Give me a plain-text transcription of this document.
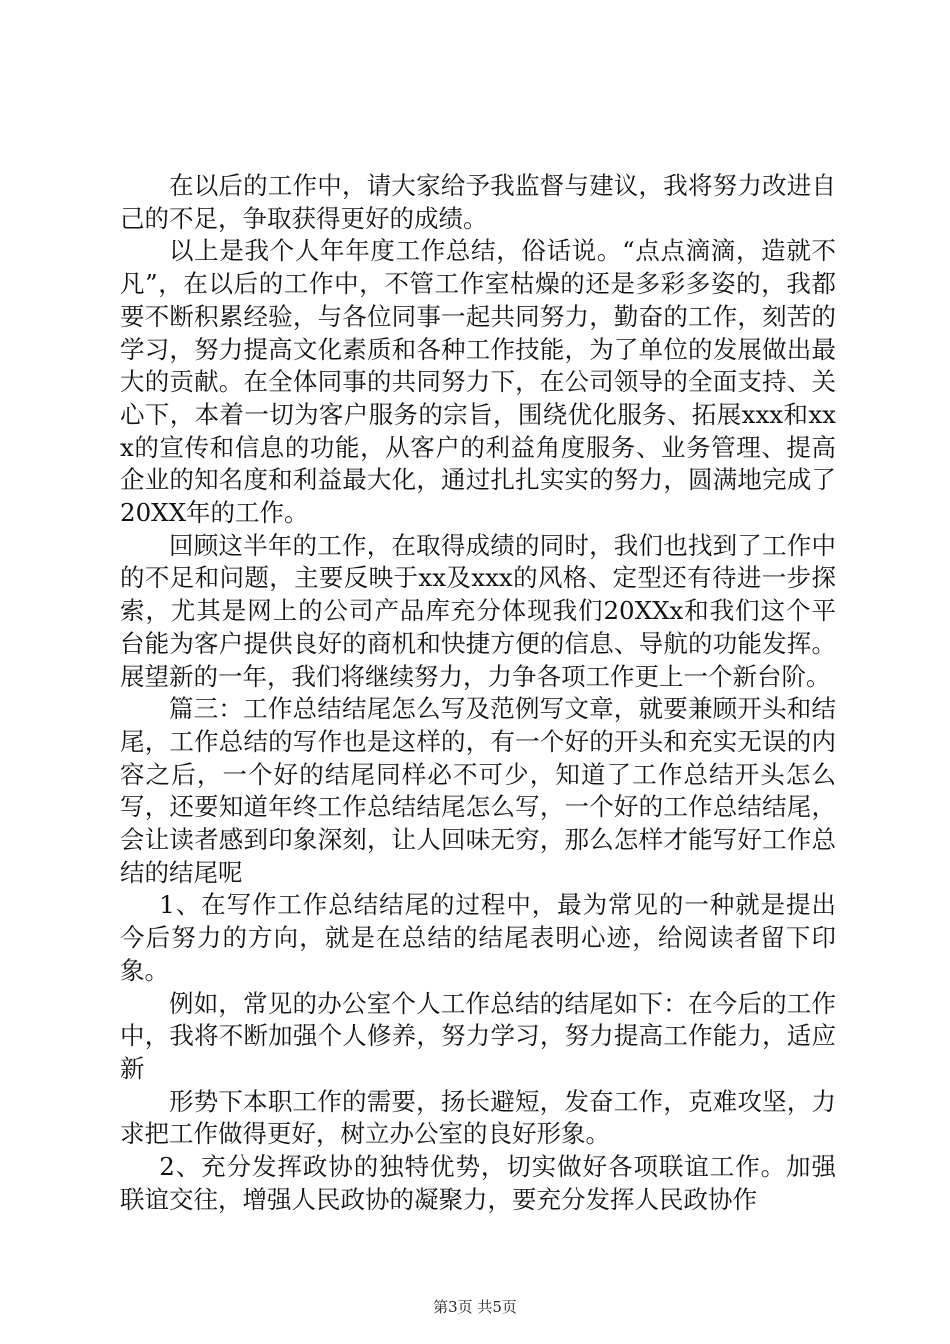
在以后的工作中，请大家给予我监督与建议，我将努力改进自己的不足，争取获得更好的成绩。

以上是我个人年年度工作总结，俗话说。“点点滴滴，造就不凡”，在以后的工作中，不管工作室枯燥的还是多彩多姿的，我都要不断积累经验，与各位同事一起共同努力，勤奋的工作，刻苦的学习，努力提高文化素质和各种工作技能，为了单位的发展做出最大的贡献。在全体同事的共同努力下，在公司领导的全面支持、关心下，本着一切为客户服务的宗旨，围绕优化服务、拓展xxx和xxx的宣传和信息的功能，从客户的利益角度服务、业务管理、提高企业的知名度和利益最大化，通过扎扎实实的努力，圆满地完成了20XX年的工作。

回顾这半年的工作，在取得成绩的同时，我们也找到了工作中的不足和问题，主要反映于xx及xxx的风格、定型还有待进一步探索，尤其是网上的公司产品库充分体现我们20XXx和我们这个平台能为客户提供良好的商机和快捷方便的信息、导航的功能发挥。展望新的一年，我们将继续努力，力争各项工作更上一个新台阶。

篇三：工作总结结尾怎么写及范例写文章，就要兼顾开头和结尾，工作总结的写作也是这样的，有一个好的开头和充实无误的内容之后，一个好的结尾同样必不可少，知道了工作总结开头怎么写，还要知道年终工作总结结尾怎么写，一个好的工作总结结尾，会让读者感到印象深刻，让人回味无穷，那么怎样才能写好工作总结的结尾呢

1、在写作工作总结结尾的过程中，最为常见的一种就是提出今后努力的方向，就是在总结的结尾表明心迹，给阅读者留下印象。

例如，常见的办公室个人工作总结的结尾如下：在今后的工作中，我将不断加强个人修养，努力学习，努力提高工作能力，适应新

形势下本职工作的需要，扬长避短，发奋工作，克难攻坚，力求把工作做得更好，树立办公室的良好形象。

2、充分发挥政协的独特优势，切实做好各项联谊工作。加强联谊交往，增强人民政协的凝聚力，要充分发挥人民政协作

第3页 共5页
